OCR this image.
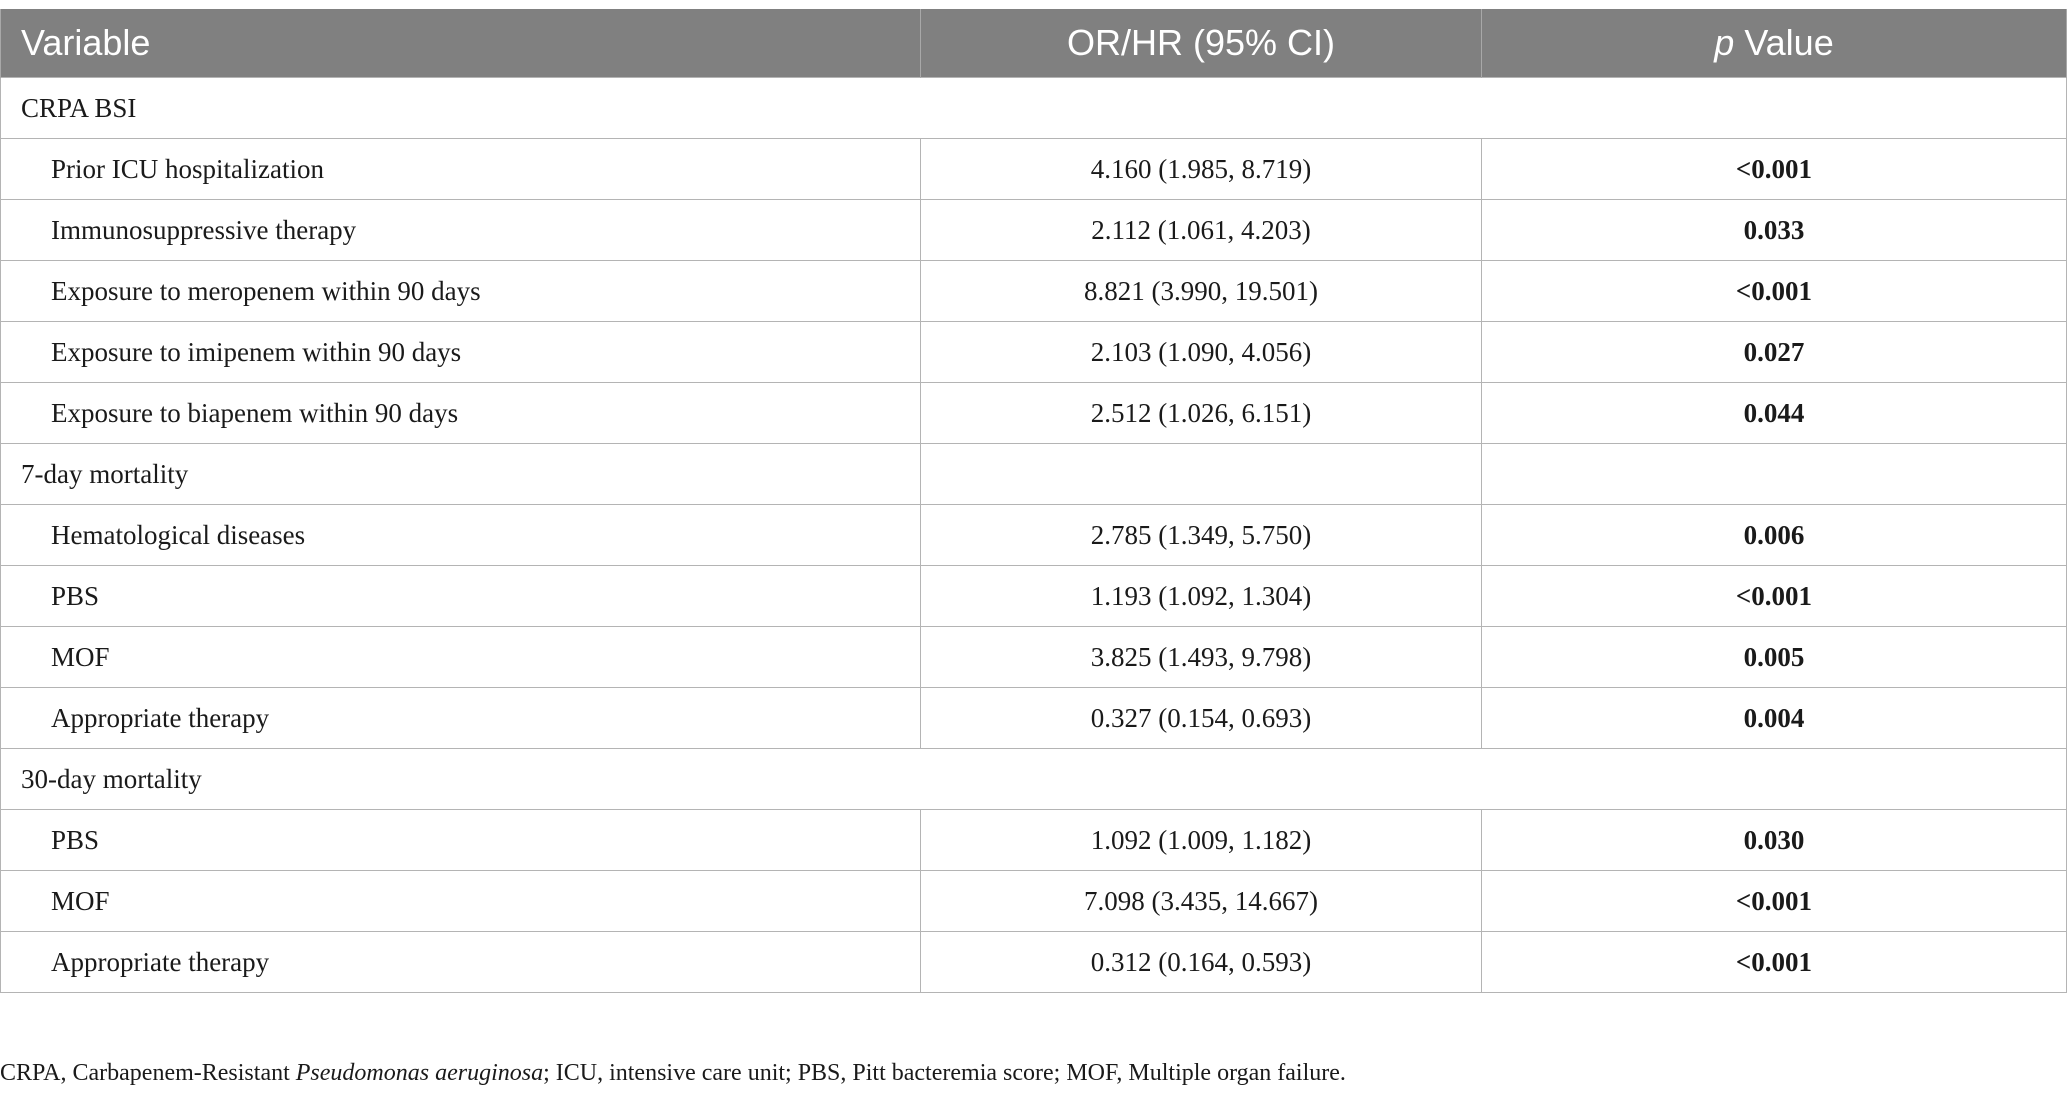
Variable	OR/HR (95% CI)	p Value
CRPA BSI		
Prior ICU hospitalization	4.160 (1.985, 8.719)	<0.001
Immunosuppressive therapy	2.112 (1.061, 4.203)	0.033
Exposure to meropenem within 90 days	8.821 (3.990, 19.501)	<0.001
Exposure to imipenem within 90 days	2.103 (1.090, 4.056)	0.027
Exposure to biapenem within 90 days	2.512 (1.026, 6.151)	0.044
7-day mortality		
Hematological diseases	2.785 (1.349, 5.750)	0.006
PBS	1.193 (1.092, 1.304)	<0.001
MOF	3.825 (1.493, 9.798)	0.005
Appropriate therapy	0.327 (0.154, 0.693)	0.004
30-day mortality		
PBS	1.092 (1.009, 1.182)	0.030
MOF	7.098 (3.435, 14.667)	<0.001
Appropriate therapy	0.312 (0.164, 0.593)	<0.001
CRPA, Carbapenem-Resistant Pseudomonas aeruginosa; ICU, intensive care unit; PBS, Pitt bacteremia score; MOF, Multiple organ failure.
